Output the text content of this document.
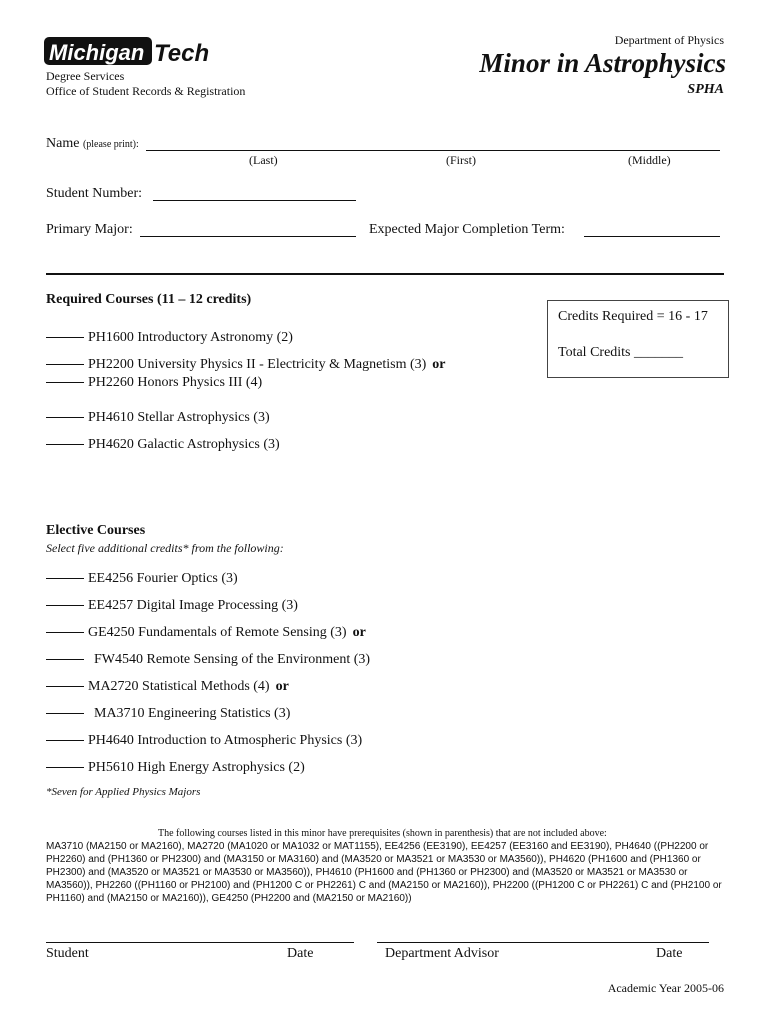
Michigan Tech
Degree Services
Office of Student Records & Registration
Department of Physics
Minor in Astrophysics
SPHA
Name (please print):
(Last)	(First)	(Middle)
Student Number:
Primary Major:	Expected Major Completion Term:
Credits Required = 16 - 17
Total Credits _______
Required Courses (11 – 12 credits)
PH1600 Introductory Astronomy (2)
PH2200 University Physics II - Electricity & Magnetism (3) or
PH2260 Honors Physics III (4)
PH4610 Stellar Astrophysics (3)
PH4620 Galactic Astrophysics (3)
Elective Courses
Select five additional credits* from the following:
EE4256 Fourier Optics (3)
EE4257 Digital Image Processing (3)
GE4250 Fundamentals of Remote Sensing (3) or
FW4540 Remote Sensing of the Environment (3)
MA2720 Statistical Methods (4) or
MA3710 Engineering Statistics (3)
PH4640 Introduction to Atmospheric Physics (3)
PH5610 High Energy Astrophysics (2)
*Seven for Applied Physics Majors
The following courses listed in this minor have prerequisites (shown in parenthesis) that are not included above:
MA3710 (MA2150 or MA2160), MA2720 (MA1020 or MA1032 or MAT1155), EE4256 (EE3190), EE4257 (EE3160 and EE3190), PH4640 ((PH2200 or PH2260) and (PH1360 or PH2300) and (MA3150 or MA3160) and (MA3520 or MA3521 or MA3530 or MA3560)), PH4620 (PH1600 and (PH1360 or PH2300) and (MA3520 or MA3521 or MA3530 or MA3560)), PH4610 (PH1600 and (PH1360 or PH2300) and (MA3520 or MA3521 or MA3530 or MA3560)), PH2260 ((PH1160 or PH2100) and (PH1200 C or PH2261) C and (MA2150 or MA2160)), PH2200 ((PH1200 C or PH2261) C and (PH2100 or PH1160) and (MA2150 or MA2160)), GE4250 (PH2200 and (MA2150 or MA2160))
Student	Date	Department Advisor	Date
Academic Year 2005-06
